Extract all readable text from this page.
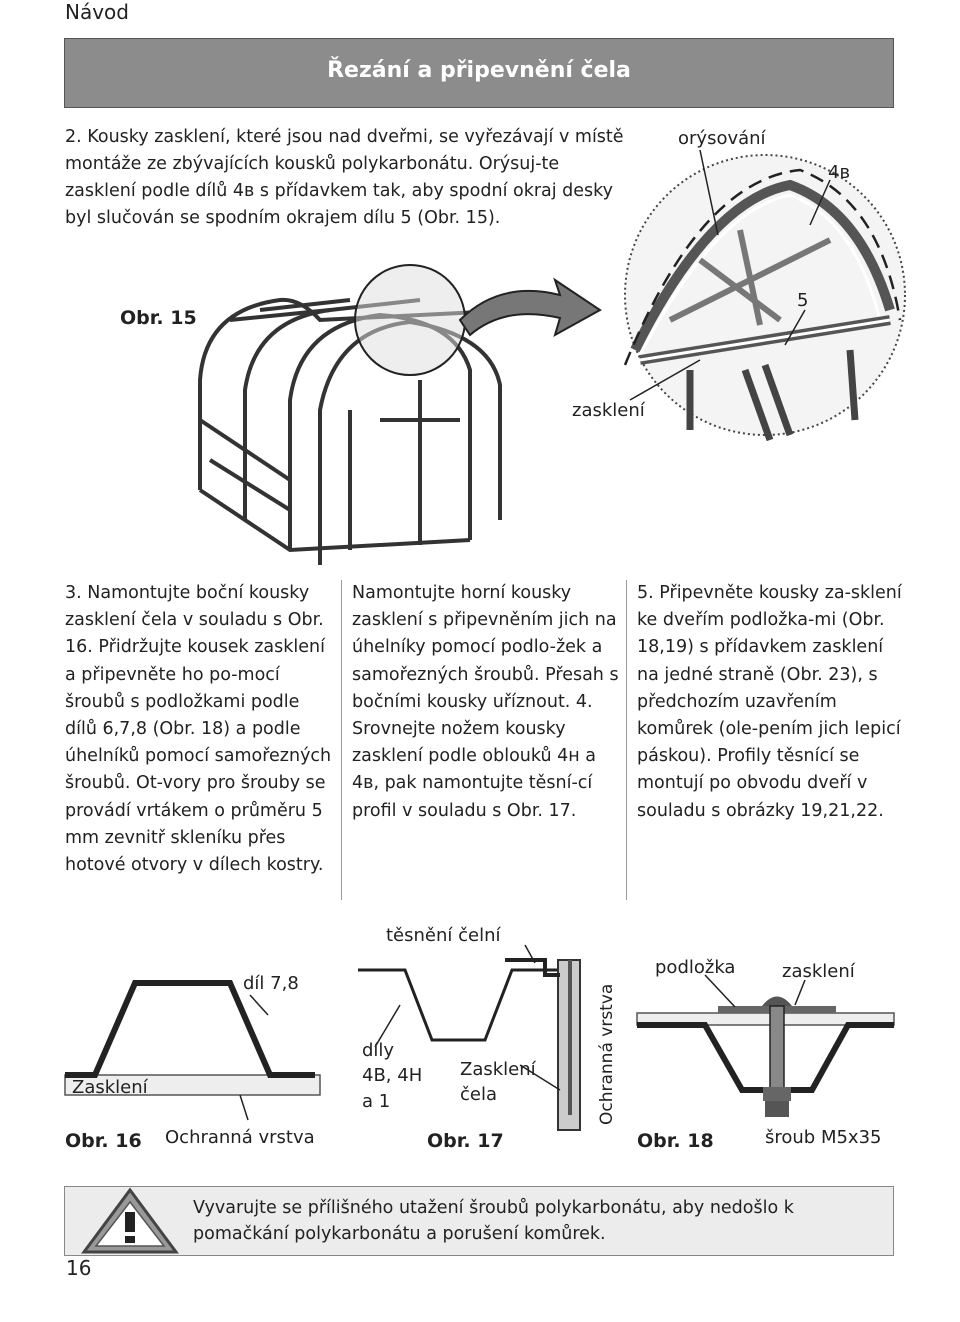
Návod
Řezání a připevnění čela
2. Kousky zasklení, které jsou nad dveřmi, se vyřezávají v místě montáže ze zbývajících kousků polykarbonátu. Orýsuj-te zasklení podle dílů 4в s přídavkem tak, aby spodní okraj desky byl slučován se spodním okrajem dílu 5 (Obr. 15).
orýsování
4в
5
zasklení
Obr. 15
3. Namontujte boční kousky zasklení čela v souladu s Obr. 16. Přidržujte kousek zasklení a připevněte ho po-mocí šroubů s podložkami podle dílů 6,7,8 (Obr. 18) a podle úhelníků pomocí samořezných šroubů. Ot-vory pro šrouby se provádí vrtákem o průměru 5 mm zevnitř skleníku přes hotové otvory v dílech kostry.
Namontujte horní kousky zasklení s připevněním jich na úhelníky pomocí podlo-žek a samořezných šroubů. Přesah s bočními kousky uříznout. 4. Srovnejte nožem kousky zasklení podle oblouků 4н a 4в, pak namontujte těsní-cí profil v souladu s Obr. 17.
5. Připevněte kousky za-sklení ke dveřím podložka-mi (Obr. 18,19) s přídavkem zasklení na jedné straně (Obr. 23), s předchozím uzavřením komůrek (ole-pením jich lepicí páskou). Profily těsnící se montují po obvodu dveří v souladu s obrázky 19,21,22.
díl 7,8
Zasklení
Ochranná vrstva
Obr. 16
těsnění čelní
díly
4В, 4Н
а 1
Zasklení
čela	Ochranná vrstva
Obr. 17
podložka	zasklení
šroub M5x35
Obr. 18
Vyvarujte se přílišného utažení šroubů polykarbonátu, aby nedošlo k pomačkání polykarbonátu a porušení komůrek.
16
